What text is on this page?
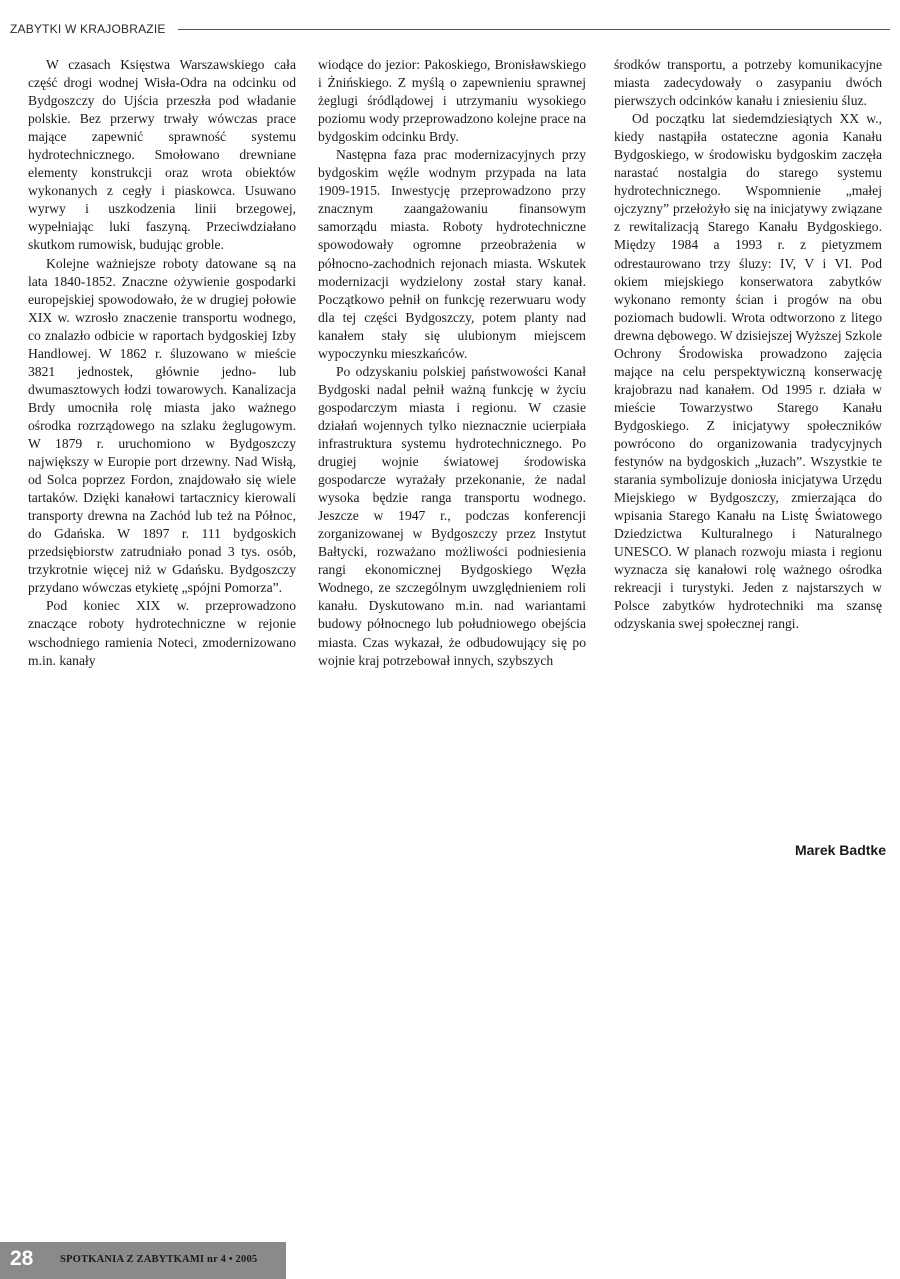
ZABYTKI W KRAJOBRAZIE

W czasach Księstwa Warszawskiego cała część drogi wodnej Wisła-Odra na odcinku od Bydgoszczy do Ujścia przeszła pod władanie polskie. Bez przerwy trwały wówczas prace mające zapewnić sprawność systemu hydrotechnicznego. Smołowano drewniane elementy konstrukcji oraz wrota obiektów wykonanych z cegły i piaskowca. Usuwano wyrwy i uszkodzenia linii brzegowej, wypełniając luki faszyną. Przeciwdziałano skutkom rumowisk, budując groble.

Kolejne ważniejsze roboty datowane są na lata 1840-1852. Znaczne ożywienie gospodarki europejskiej spowodowało, że w drugiej połowie XIX w. wzrosło znaczenie transportu wodnego, co znalazło odbicie w raportach bydgoskiej Izby Handlowej. W 1862 r. śluzowano w mieście 3821 jednostek, głównie jedno- lub dwumasztowych łodzi towarowych. Kanalizacja Brdy umocniła rolę miasta jako ważnego ośrodka rozrządowego na szlaku żeglugowym. W 1879 r. uruchomiono w Bydgoszczy największy w Europie port drzewny. Nad Wisłą, od Solca poprzez Fordon, znajdowało się wiele tartaków. Dzięki kanałowi tartacznicy kierowali transporty drewna na Zachód lub też na Północ, do Gdańska. W 1897 r. 111 bydgoskich przedsiębiorstw zatrudniało ponad 3 tys. osób, trzykrotnie więcej niż w Gdańsku. Bydgoszczy przydano wówczas etykietę „spójni Pomorza”.

Pod koniec XIX w. przeprowadzono znaczące roboty hydrotechniczne w rejonie wschodniego ramienia Noteci, zmodernizowano m.in. kanały

wiodące do jezior: Pakoskiego, Bronisławskiego i Żnińskiego. Z myślą o zapewnieniu sprawnej żeglugi śródlądowej i utrzymaniu wysokiego poziomu wody przeprowadzono kolejne prace na bydgoskim odcinku Brdy.

Następna faza prac modernizacyjnych przy bydgoskim węźle wodnym przypada na lata 1909-1915. Inwestycję przeprowadzono przy znacznym zaangażowaniu finansowym samorządu miasta. Roboty hydrotechniczne spowodowały ogromne przeobrażenia w północno-zachodnich rejonach miasta. Wskutek modernizacji wydzielony został stary kanał. Początkowo pełnił on funkcję rezerwuaru wody dla tej części Bydgoszczy, potem planty nad kanałem stały się ulubionym miejscem wypoczynku mieszkańców.

Po odzyskaniu polskiej państwowości Kanał Bydgoski nadal pełnił ważną funkcję w życiu gospodarczym miasta i regionu. W czasie działań wojennych tylko nieznacznie ucierpiała infrastruktura systemu hydrotechnicznego. Po drugiej wojnie światowej środowiska gospodarcze wyrażały przekonanie, że nadal wysoka będzie ranga transportu wodnego. Jeszcze w 1947 r., podczas konferencji zorganizowanej w Bydgoszczy przez Instytut Bałtycki, rozważano możliwości podniesienia rangi ekonomicznej Bydgoskiego Węzła Wodnego, ze szczególnym uwzględnieniem roli kanału. Dyskutowano m.in. nad wariantami budowy północnego lub południowego obejścia miasta. Czas wykazał, że odbudowujący się po wojnie kraj potrzebował innych, szybszych

środków transportu, a potrzeby komunikacyjne miasta zadecydowały o zasypaniu dwóch pierwszych odcinków kanału i zniesieniu śluz.

Od początku lat siedemdziesiątych XX w., kiedy nastąpiła ostateczne agonia Kanału Bydgoskiego, w środowisku bydgoskim zaczęła narastać nostalgia do starego systemu hydrotechnicznego. Wspomnienie „małej ojczyzny” przełożyło się na inicjatywy związane z rewitalizacją Starego Kanału Bydgoskiego. Między 1984 a 1993 r. z pietyzmem odrestaurowano trzy śluzy: IV, V i VI. Pod okiem miejskiego konserwatora zabytków wykonano remonty ścian i progów na obu poziomach budowli. Wrota odtworzono z litego drewna dębowego. W dzisiejszej Wyższej Szkole Ochrony Środowiska prowadzono zajęcia mające na celu perspektywiczną konserwację krajobrazu nad kanałem. Od 1995 r. działa w mieście Towarzystwo Starego Kanału Bydgoskiego. Z inicjatywy społeczników powrócono do organizowania tradycyjnych festynów na bydgoskich „łuzach”. Wszystkie te starania symbolizuje doniosła inicjatywa Urzędu Miejskiego w Bydgoszczy, zmierzająca do wpisania Starego Kanału na Listę Światowego Dziedzictwa Kulturalnego i Naturalnego UNESCO. W planach rozwoju miasta i regionu wyznacza się kanałowi rolę ważnego ośrodka rekreacji i turystyki. Jeden z najstarszych w Polsce zabytków hydrotechniki ma szansę odzyskania swej społecznej rangi.

Marek Badtke
28	SPOTKANIA Z ZABYTKAMI nr 4 • 2005
